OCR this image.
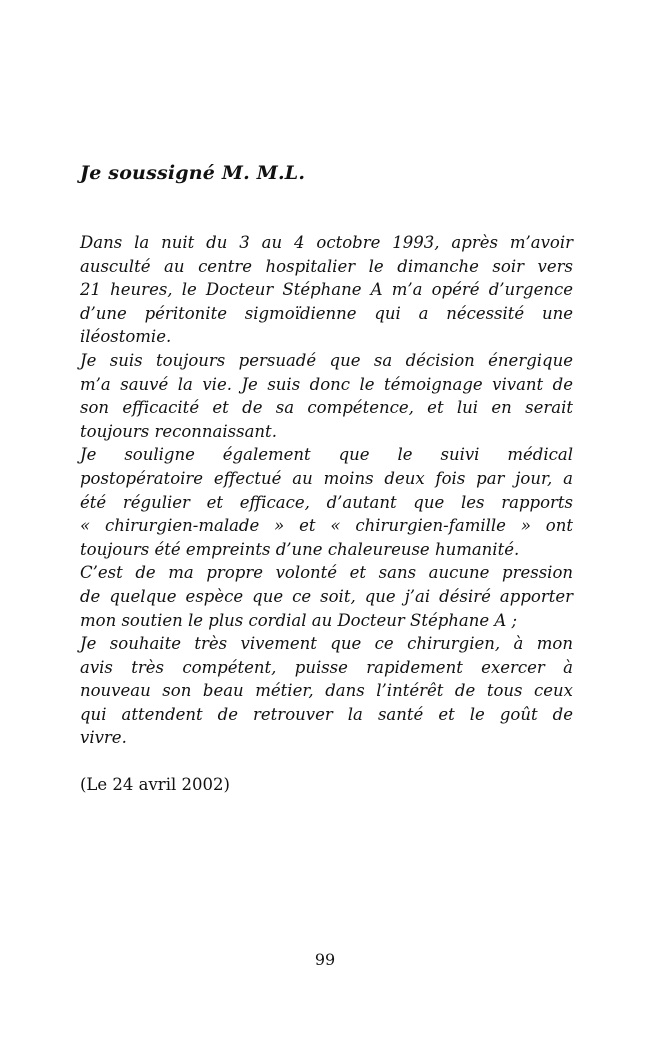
Je soussigné M. M.L.
Dans la nuit du 3 au 4 octobre 1993, après m’avoir
ausculté au centre hospitalier le dimanche soir vers
21 heures, le Docteur Stéphane A m’a opéré d’urgence
d’une péritonite sigmoïdienne qui a nécessité une
iléostomie.
Je suis toujours persuadé que sa décision énergique
m’a sauvé la vie. Je suis donc le témoignage vivant de
son efficacité et de sa compétence, et lui en serait
toujours reconnaissant.
Je souligne également que le suivi médical
postopératoire effectué au moins deux fois par jour, a
été régulier et efficace, d’autant que les rapports
« chirurgien-malade » et « chirurgien-famille » ont
toujours été empreints d’une chaleureuse humanité.
C’est de ma propre volonté et sans aucune pression
de quelque espèce que ce soit, que j’ai désiré apporter
mon soutien le plus cordial au Docteur Stéphane A ;
Je souhaite très vivement que ce chirurgien, à mon
avis très compétent, puisse rapidement exercer à
nouveau son beau métier, dans l’intérêt de tous ceux
qui attendent de retrouver la santé et le goût de
vivre.
(Le 24 avril 2002)
99
